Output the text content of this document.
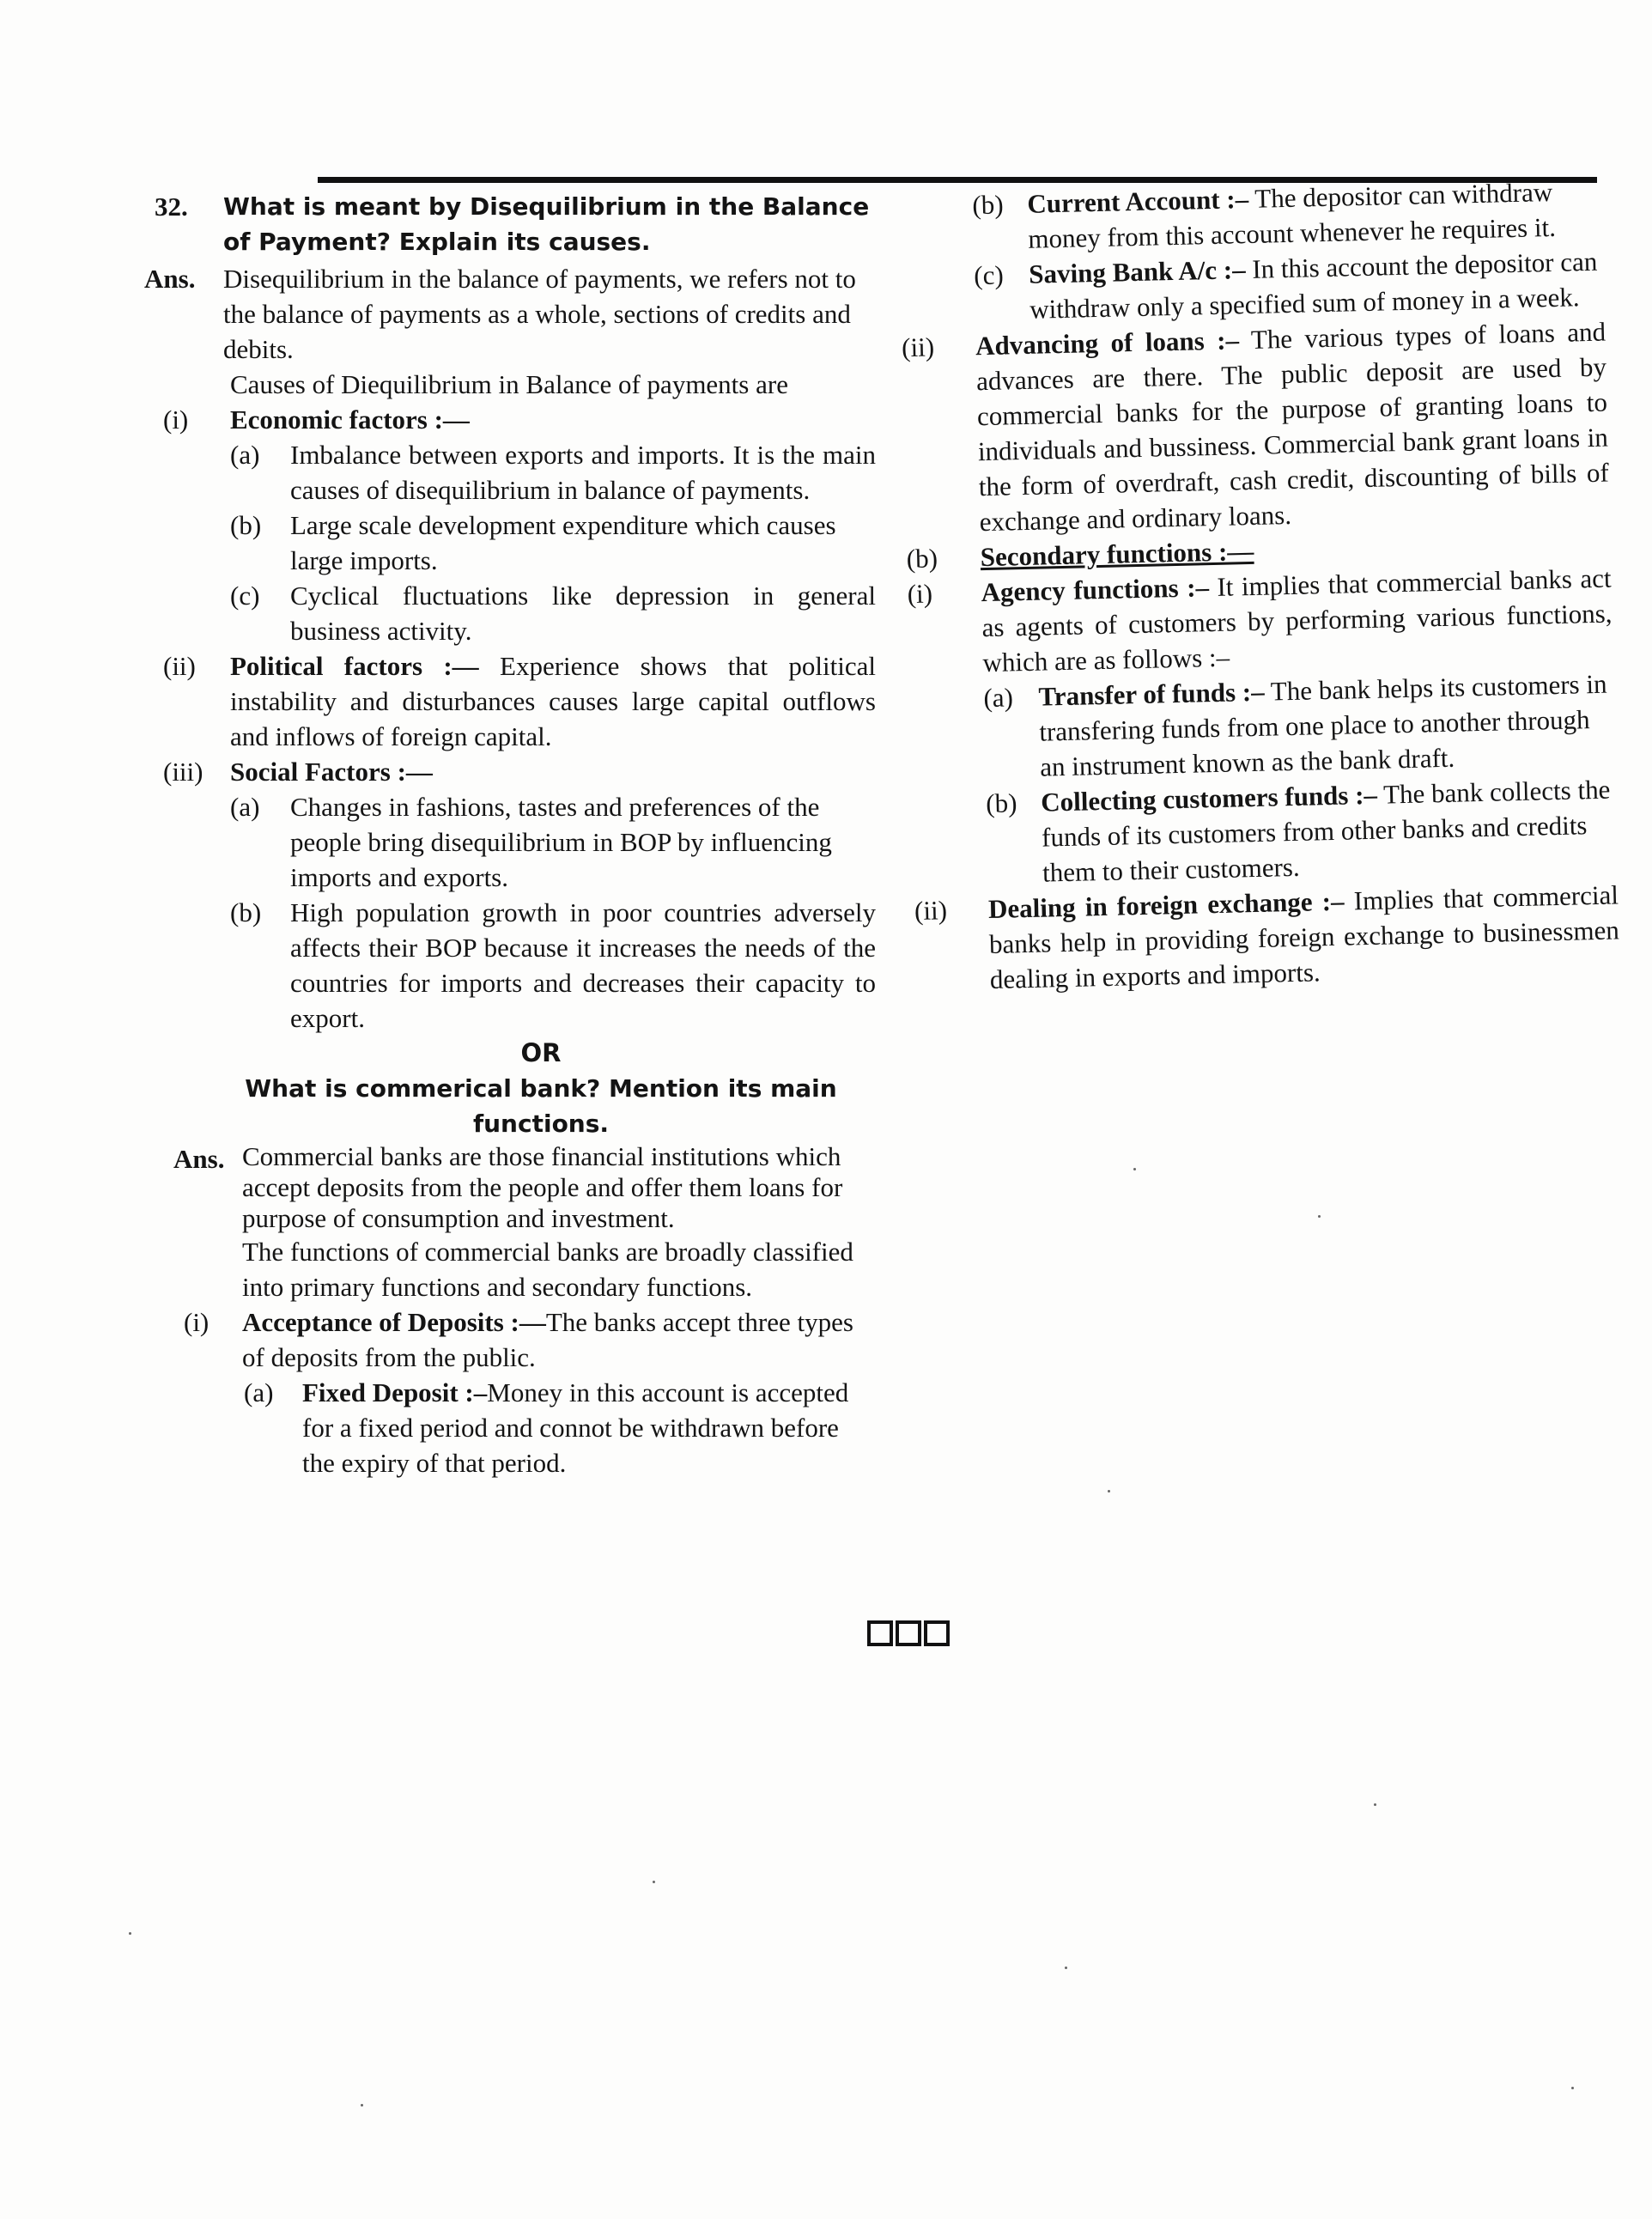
32.	What is meant by Disequilibrium in the Balance of Payment? Explain its causes.
Ans.	Disequilibrium in the balance of payments, we refers not to the balance of payments as a whole, sections of credits and debits.
Causes of Diequilibrium in Balance of payments are
(i)	Economic factors :—
(a)	Imbalance between exports and imports. It is the main causes of disequilibrium in balance of payments.
(b)	Large scale development expenditure which causes large imports.
(c)	Cyclical fluctuations like depression in general business activity.
(ii)	Political factors :— Experience shows that political instability and disturbances causes large capital outflows and inflows of foreign capital.
(iii)	Social Factors :—
(a)	Changes in fashions, tastes and preferences of the people bring disequilibrium in BOP by influencing imports and exports.
(b)	High population growth in poor countries adversely affects their BOP because it increases the needs of the countries for imports and decreases their capacity to export.
OR
What is commerical bank? Mention its main functions.
Ans. Commercial banks are those financial institutions which accept deposits from the people and offer them loans for purpose of consumption and investment.
The functions of commercial banks are broadly classified into primary functions and secondary functions.
(i)	Acceptance of Deposits :—The banks accept three types of deposits from the public.
(a)	Fixed Deposit :–Money in this account is accepted for a fixed period and connot be withdrawn before the expiry of that period.
(b) Current Account :– The depositor can withdraw money from this account whenever he requires it.
(c) Saving Bank A/c :– In this account the depositor can withdraw only a specified sum of money in a week.
(ii)	Advancing of loans :– The various types of loans and advances are there. The public deposit are used by commercial banks for the purpose of granting loans to individuals and bussiness. Commercial bank grant loans in the form of overdraft, cash credit, discounting of bills of exchange and ordinary loans.
(b)	Secondary functions :—
(i)	Agency functions :– It implies that commercial banks act as agents of customers by performing various functions, which are as follows :–
(a) Transfer of funds :– The bank helps its customers in transfering funds from one place to another through an instrument known as the bank draft.
(b) Collecting customers funds :– The bank collects the funds of its customers from other banks and credits them to their customers.
(ii)	Dealing in foreign exchange :– Implies that commercial banks help in providing foreign exchange to businessmen dealing in exports and imports.
